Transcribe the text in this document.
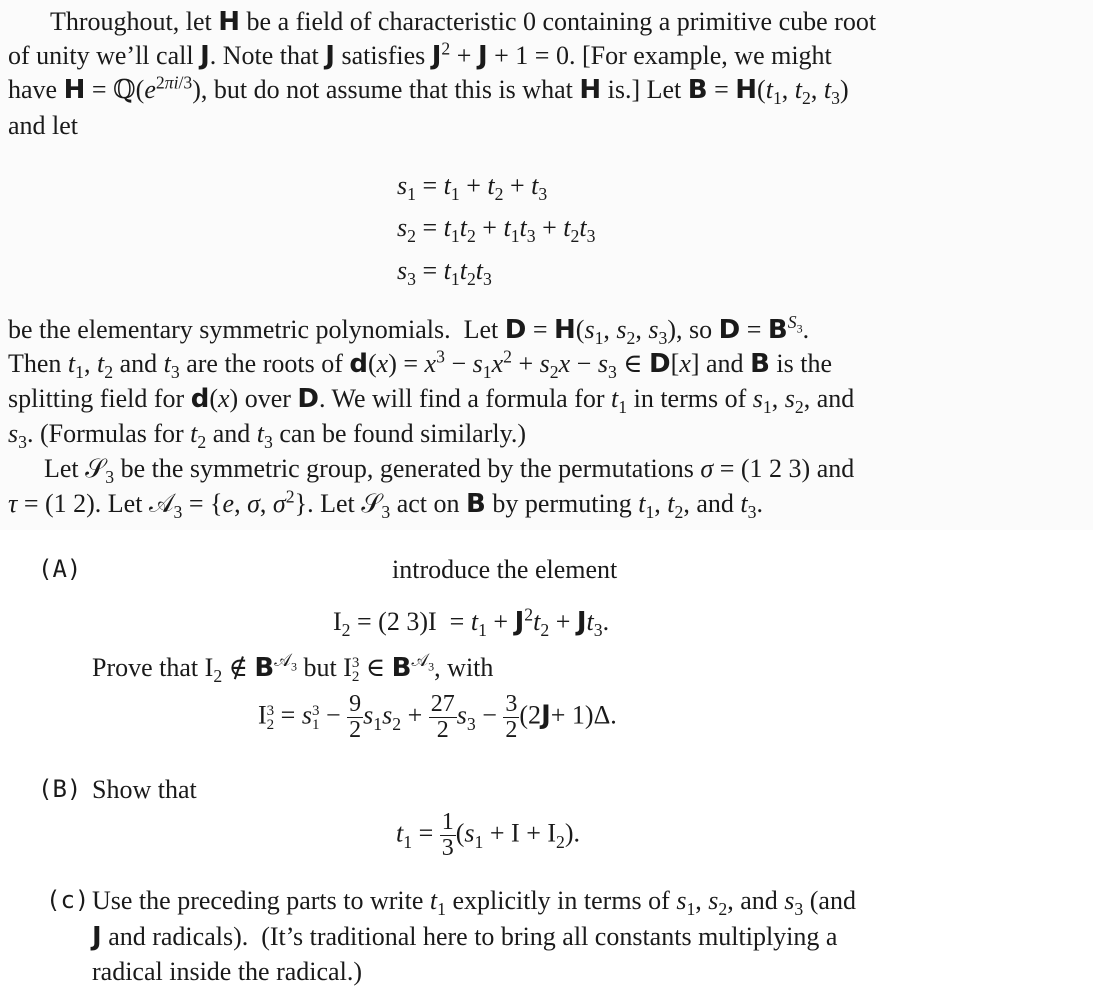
Throughout, let H be a field of characteristic 0 containing a primitive cube root
of unity we’ll call J. Note that J satisfies $J^2 + J + 1 = 0$. [For example, we might
have $H = ℚ(e^{2\pi i/3})$, but do not assume that this is what H is.] Let $B = H(t_1$, $t_2$, $t_3$)
and let
$s_1 = t_1 + t_2 + t_3$
$s_2 = t_1t_2 + t_1t_3 + t_2t_3$
$s_3 = t_1t_2t_3$
be the elementary symmetric polynomials.  Let $D = H(s_1$, $s_2$, $s_3$), so $D = B^{S_3}$.
Then $t_1$, $t_2$ and $t_3$ are the roots of $d(x) = x^3 - s_1x^2 + s_2x - s_3$ ∈ D[x] and B is the
splitting field for d(x) over D. We will find a formula for $t_1$ in terms of $s_1$, $s_2$, and
$s_3$. (Formulas for $t_2$ and $t_3$ can be found similarly.)
Let 𝒮$_3$ be the symmetric group, generated by the permutations σ = (1 2 3) and
τ = (1 2). Let 𝒜$_3$ = {e, σ, $\sigma^2$}. Let 𝒮$_3$ act on B by permuting $t_1$, $t_2$, and $t_3$.
(A)	introduce the element
$I_2 = (2$ $3)I = t_1 + J^2t_2 + Jt_3$.
Prove that $I_2$ ∉ $B^{𝒜_3}$ but I3
2 ∈ $B^{𝒜_3}$, with
I3
2 = s3
$1 - \frac{9}{2} s_1s_2 + \frac{27}{2} s_3 - \frac{3}{2} (2J+ 1)\Delta$.
(B) Show that
$t_1 = \frac{1}{3} (s_1 + I + I_2)$.
(c) Use the preceding parts to write $t_1$ explicitly in terms of $s_1$, $s_2$, and $s_3$ (and
J and radicals).  (It’s traditional here to bring all constants multiplying a
radical inside the radical.)
